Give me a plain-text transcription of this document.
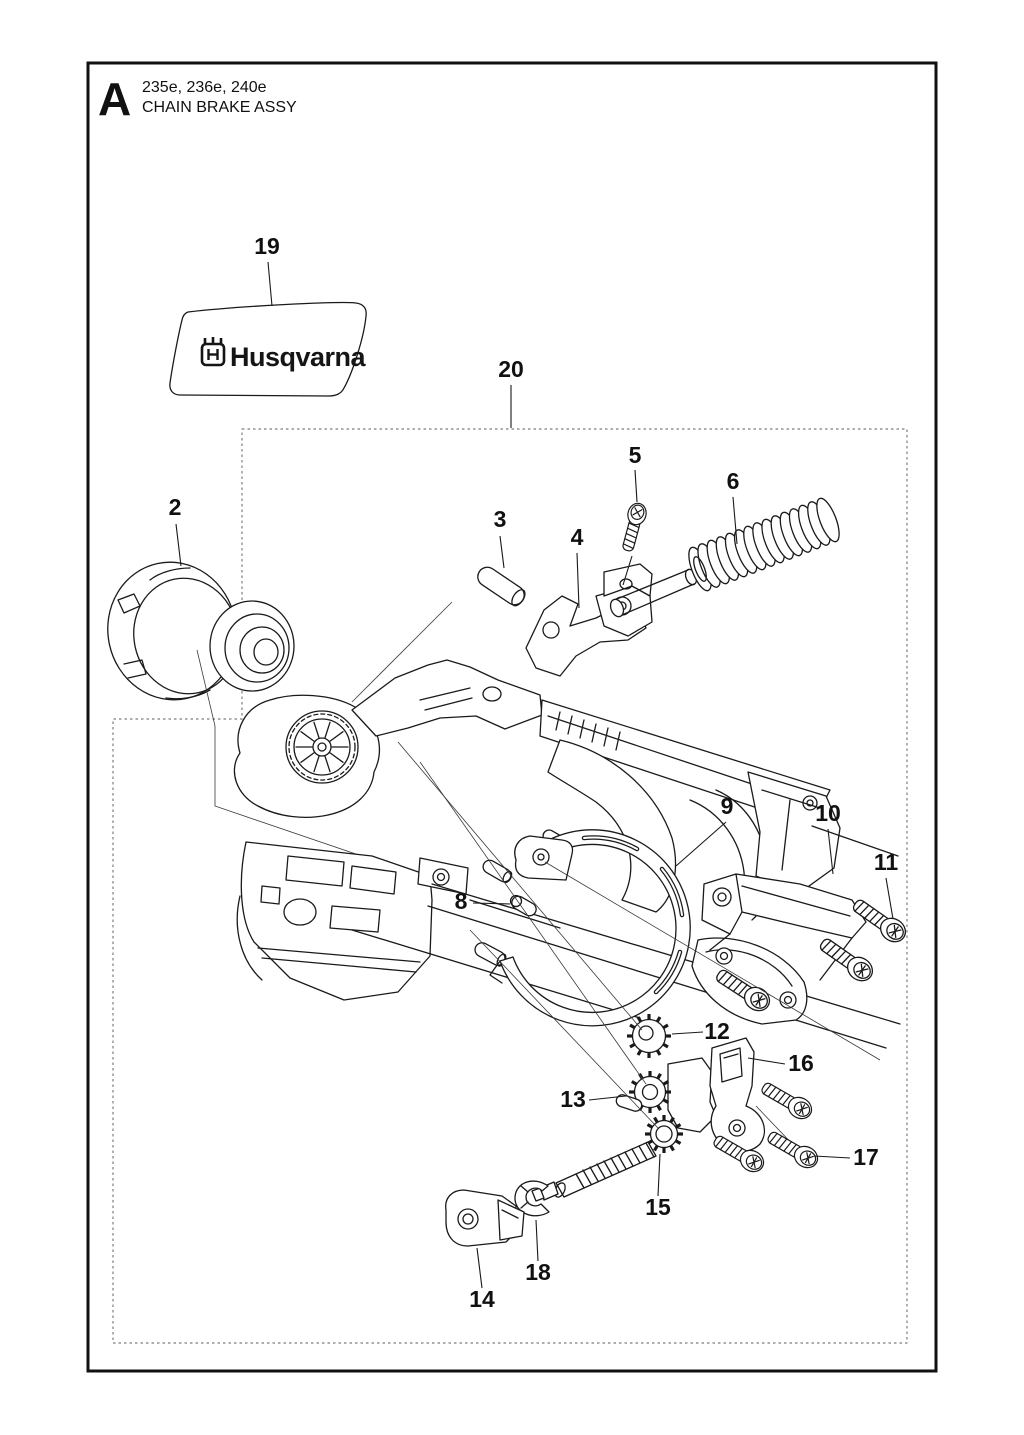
A 235e, 236e, 240e
CHAIN BRAKE ASSY
Husqvarna
19
20
2	3
4
5
6
8
9	10
11
12
13
14
15
16
17
18
